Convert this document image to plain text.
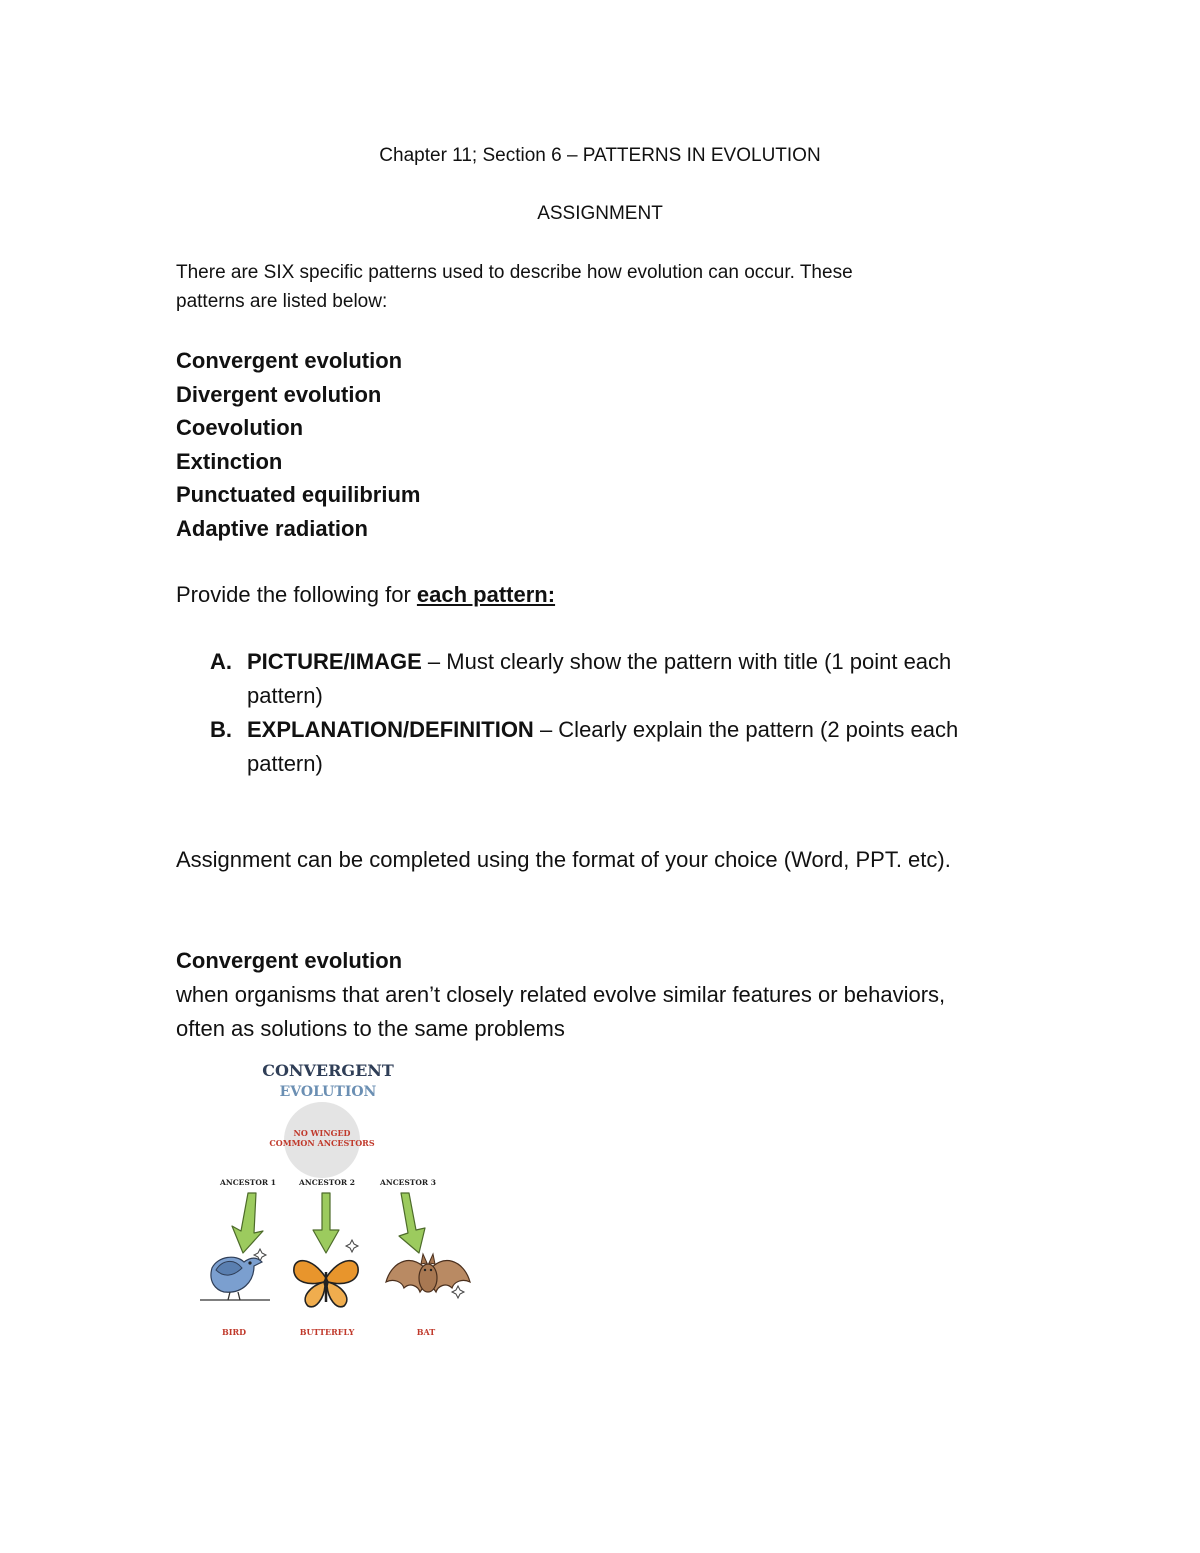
Chapter 11; Section 6 – PATTERNS IN EVOLUTION
ASSIGNMENT
There are SIX specific patterns used to describe how evolution can occur. These
patterns are listed below:
Convergent evolution
Divergent evolution
Coevolution
Extinction
Punctuated equilibrium
Adaptive radiation
Provide the following for each pattern:
A. PICTURE/IMAGE – Must clearly show the pattern with title (1 point each pattern)
B. EXPLANATION/DEFINITION – Clearly explain the pattern (2 points each pattern)
Assignment can be completed using the format of your choice (Word, PPT. etc).
Convergent evolution
when organisms that aren’t closely related evolve similar features or behaviors, often as solutions to the same problems
CONVERGENT
EVOLUTION
NO WINGED
COMMON ANCESTORS
ANCESTOR 1	ANCESTOR 2	ANCESTOR 3
BIRD	BUTTERFLY	BAT
